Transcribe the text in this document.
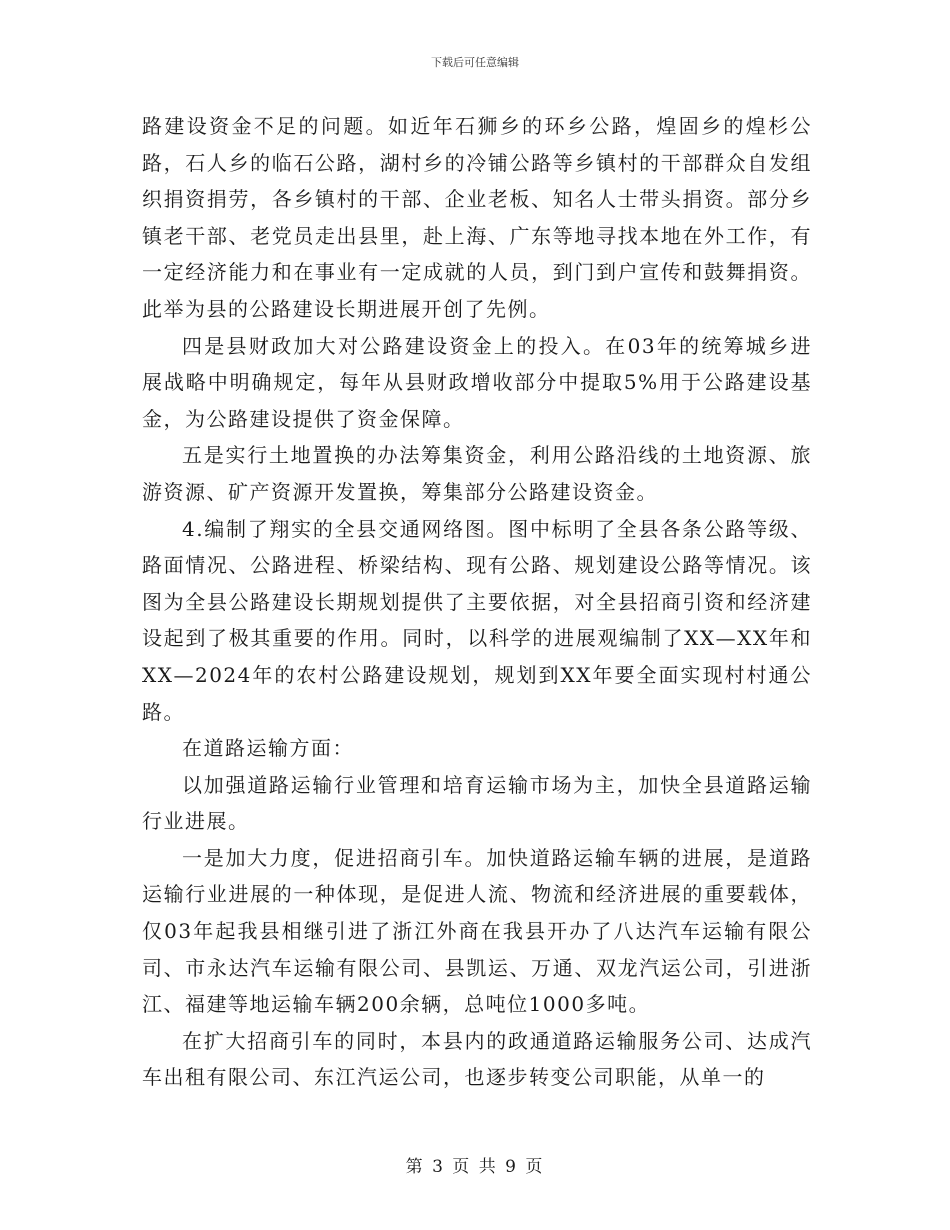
下载后可任意编辑

路建设资金不足的问题。如近年石狮乡的环乡公路，煌固乡的煌杉公路，石人乡的临石公路，湖村乡的冷铺公路等乡镇村的干部群众自发组织捐资捐劳，各乡镇村的干部、企业老板、知名人士带头捐资。部分乡镇老干部、老党员走出县里，赴上海、广东等地寻找本地在外工作，有一定经济能力和在事业有一定成就的人员，到门到户宣传和鼓舞捐资。此举为县的公路建设长期进展开创了先例。

四是县财政加大对公路建设资金上的投入。在03年的统筹城乡进展战略中明确规定，每年从县财政增收部分中提取5%用于公路建设基金，为公路建设提供了资金保障。

五是实行土地置换的办法筹集资金，利用公路沿线的土地资源、旅游资源、矿产资源开发置换，筹集部分公路建设资金。

4.编制了翔实的全县交通网络图。图中标明了全县各条公路等级、路面情况、公路进程、桥梁结构、现有公路、规划建设公路等情况。该图为全县公路建设长期规划提供了主要依据，对全县招商引资和经济建设起到了极其重要的作用。同时，以科学的进展观编制了XX—XX年和XX—2024年的农村公路建设规划，规划到XX年要全面实现村村通公路。

在道路运输方面：

以加强道路运输行业管理和培育运输市场为主，加快全县道路运输行业进展。

一是加大力度，促进招商引车。加快道路运输车辆的进展，是道路运输行业进展的一种体现，是促进人流、物流和经济进展的重要载体，仅03年起我县相继引进了浙江外商在我县开办了八达汽车运输有限公司、市永达汽车运输有限公司、县凯运、万通、双龙汽运公司，引进浙江、福建等地运输车辆200余辆，总吨位1000多吨。

在扩大招商引车的同时，本县内的政通道路运输服务公司、达成汽车出租有限公司、东江汽运公司，也逐步转变公司职能，从单一的

第 3 页 共 9 页
